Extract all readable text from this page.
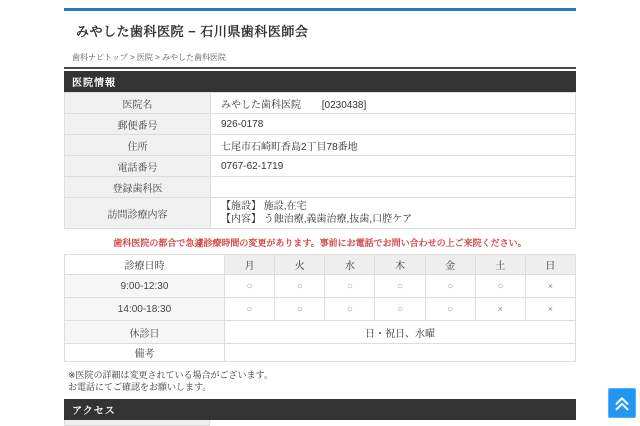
みやした歯科医院 − 石川県歯科医師会
歯科ナビトップ > 医院 > みやした歯科医院
医院情報
医院名	みやした歯科医院 [0230438]
郵便番号	926-0178
住所	七尾市石崎町香島2丁目78番地
電話番号	0767-62-1719
登録歯科医	
訪問診療内容	【施設】 施設,在宅
【内容】 う蝕治療,義歯治療,抜歯,口腔ケア
歯科医院の都合で急遽診療時間の変更があります。事前にお電話でお問い合わせの上ご来院ください。
診療日時	月	火	水	木	金	土	日
9:00-12:30	○	○	○	○	○	○	×
14:00-18:30	○	○	○	○	○	×	×
休診日	日・祝日、水曜						
備考							
※医院の詳細は変更されている場合がございます。
お電話にてご確認をお願いします。
アクセス
